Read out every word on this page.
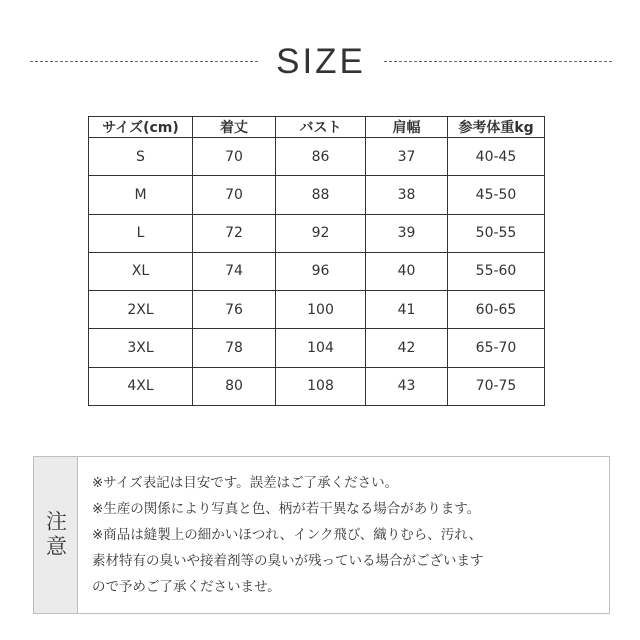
SIZE
サイズ(cm)	着丈	バスト	肩幅	参考体重kg
S	70	86	37	40-45
M	70	88	38	45-50
L	72	92	39	50-55
XL	74	96	40	55-60
2XL	76	100	41	60-65
3XL	78	104	42	65-70
4XL	80	108	43	70-75
注意
※サイズ表記は目安です。誤差はご了承ください。
※生産の関係により写真と色、柄が若干異なる場合があります。
※商品は縫製上の細かいほつれ、インク飛び、織りむら、汚れ、
素材特有の臭いや接着剤等の臭いが残っている場合がございます
ので予めご了承くださいませ。
